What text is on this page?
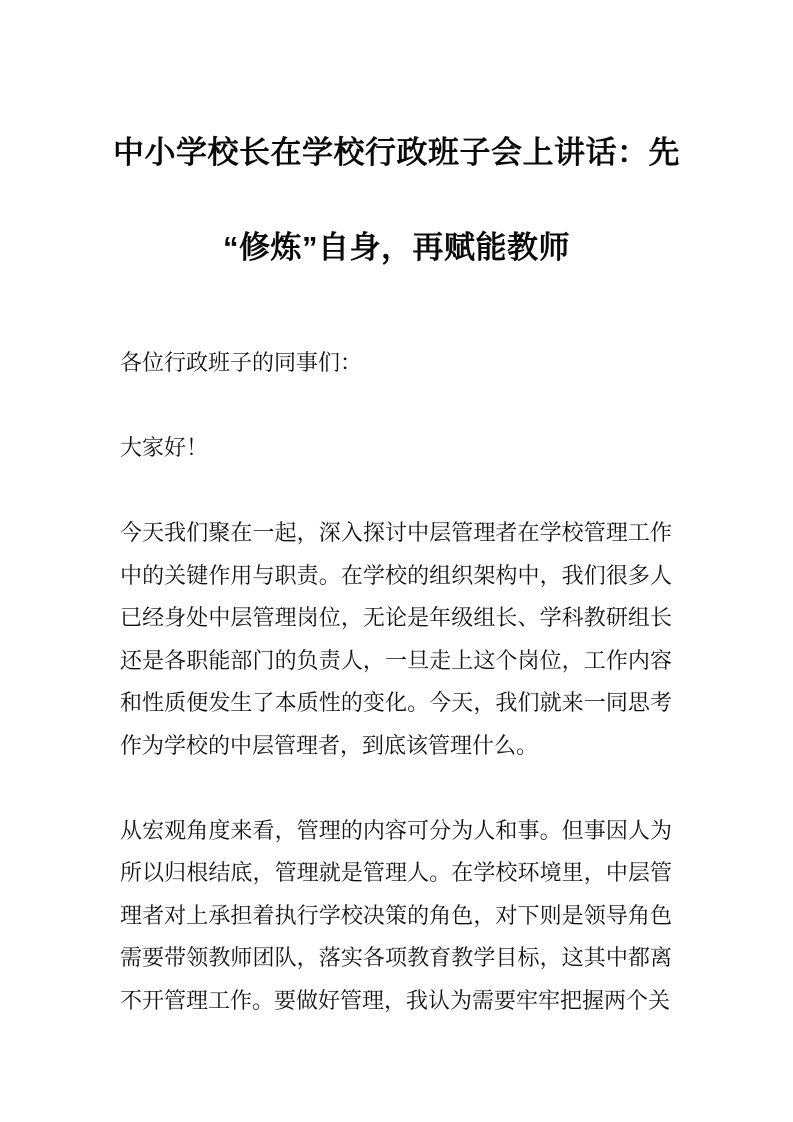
中小学校长在学校行政班子会上讲话：先
“修炼”自身，再赋能教师

各位行政班子的同事们：

大家好！

今天我们聚在一起，深入探讨中层管理者在学校管理工作中的关键作用与职责。在学校的组织架构中，我们很多人已经身处中层管理岗位，无论是年级组长、学科教研组长还是各职能部门的负责人，一旦走上这个岗位，工作内容和性质便发生了本质性的变化。今天，我们就来一同思考作为学校的中层管理者，到底该管理什么。

从宏观角度来看，管理的内容可分为人和事。但事因人为所以归根结底，管理就是管理人。在学校环境里，中层管理者对上承担着执行学校决策的角色，对下则是领导角色需要带领教师团队，落实各项教育教学目标，这其中都离不开管理工作。要做好管理，我认为需要牢牢把握两个关
